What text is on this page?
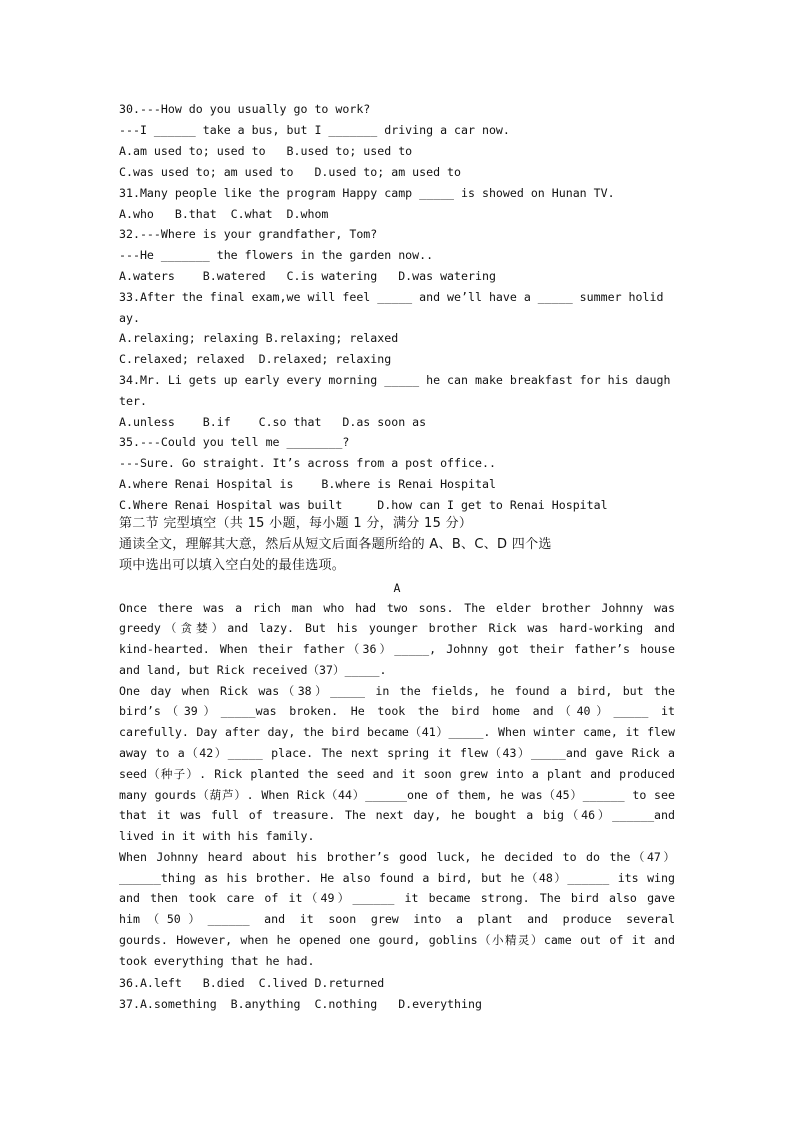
30.---How do you usually go to work?
---I ______ take a bus, but I _______ driving a car now.
A.am used to; used to   B.used to; used to
C.was used to; am used to   D.used to; am used to
31.Many people like the program Happy camp _____ is showed on Hunan TV.
A.who   B.that  C.what  D.whom
32.---Where is your grandfather, Tom?
---He _______ the flowers in the garden now..
A.waters    B.watered   C.is watering   D.was watering
33.After the final exam,we will feel _____ and we’ll have a _____ summer holid
ay.
A.relaxing; relaxing B.relaxing; relaxed
C.relaxed; relaxed  D.relaxed; relaxing
34.Mr. Li gets up early every morning _____ he can make breakfast for his daugh
ter.
A.unless    B.if    C.so that   D.as soon as
35.---Could you tell me ________?
---Sure. Go straight. It’s across from a post office..
A.where Renai Hospital is    B.where is Renai Hospital
C.Where Renai Hospital was built     D.how can I get to Renai Hospital
第二节 完型填空（共 15 小题，每小题 1 分，满分 15 分）
通读全文，理解其大意，然后从短文后面各题所给的 A、B、C、D 四个选
项中选出可以填入空白处的最佳选项。
A
Once there was a rich man who had two sons. The elder brother Johnny was
greedy（贪婪）and lazy. But his younger brother Rick was hard-working and
kind-hearted. When their father（36）_____, Johnny got their father’s house
and land, but Rick received（37）_____.
One day when Rick was（38）_____ in the fields, he found a bird, but the
bird’s（39）_____was broken. He took the bird home and（40）_____ it
carefully. Day after day, the bird became（41）_____. When winter came, it flew
away to a（42）_____ place. The next spring it flew（43）_____and gave Rick a
seed（种子）. Rick planted the seed and it soon grew into a plant and produced
many gourds（葫芦）. When Rick（44）______one of them, he was（45）______ to see
that it was full of treasure. The next day, he bought a big（46）______and
lived in it with his family.
When Johnny heard about his brother’s good luck, he decided to do the（47）
______thing as his brother. He also found a bird, but he（48）______ its wing
and then took care of it（49）______ it became strong. The bird also gave
him（50）______ and it soon grew into a plant and produce several
gourds. However, when he opened one gourd, goblins（小精灵）came out of it and
took everything that he had.
36.A.left   B.died  C.lived D.returned
37.A.something  B.anything  C.nothing   D.everything
